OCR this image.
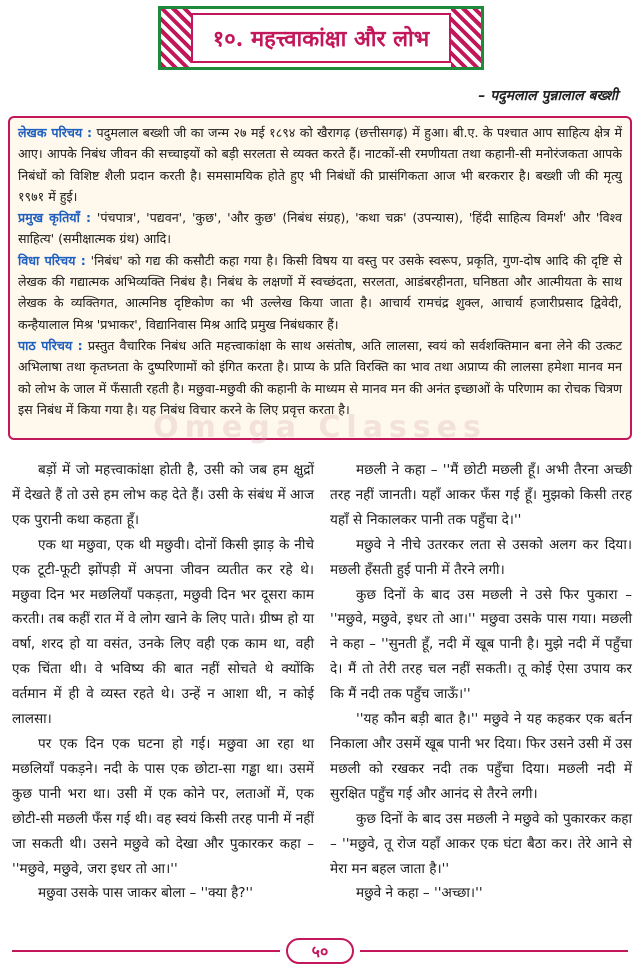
१०. महत्त्वाकांक्षा और लोभ
– पदुमलाल पुन्नालाल बख्शी

लेखक परिचय : पदुमलाल बख्शी जी का जन्म २७ मई १८९४ को खैरागढ़ (छत्तीसगढ़) में हुआ। बी.ए. के पश्चात आप साहित्य क्षेत्र में आए। आपके निबंध जीवन की सच्चाइयों को बड़ी सरलता से व्यक्त करते हैं। नाटकों-सी रमणीयता तथा कहानी-सी मनोरंजकता आपके निबंधों को विशिष्ट शैली प्रदान करती है। समसामयिक होते हुए भी निबंधों की प्रासंगिकता आज भी बरकरार है। बख्शी जी की मृत्यु १९७१ में हुई।

प्रमुख कृतियाँ : 'पंचपात्र', 'पद्यवन', 'कुछ', 'और कुछ' (निबंध संग्रह), 'कथा चक्र' (उपन्यास), 'हिंदी साहित्य विमर्श' और 'विश्व साहित्य' (समीक्षात्मक ग्रंथ) आदि।

विधा परिचय : 'निबंध' को गद्य की कसौटी कहा गया है। किसी विषय या वस्तु पर उसके स्वरूप, प्रकृति, गुण-दोष आदि की दृष्टि से लेखक की गद्यात्मक अभिव्यक्ति निबंध है। निबंध के लक्षणों में स्वच्छंदता, सरलता, आडंबरहीनता, घनिष्ठता और आत्मीयता के साथ लेखक के व्यक्तिगत, आत्मनिष्ठ दृष्टिकोण का भी उल्लेख किया जाता है। आचार्य रामचंद्र शुक्ल, आचार्य हजारीप्रसाद द्विवेदी, कन्हैयालाल मिश्र 'प्रभाकर', विद्यानिवास मिश्र आदि प्रमुख निबंधकार हैं।

पाठ परिचय : प्रस्तुत वैचारिक निबंध अति महत्त्वाकांक्षा के साथ असंतोष, अति लालसा, स्वयं को सर्वशक्तिमान बना लेने की उत्कट अभिलाषा तथा कृतघ्नता के दुष्परिणामों को इंगित करता है। प्राप्य के प्रति विरक्ति का भाव तथा अप्राप्य की लालसा हमेशा मानव मन को लोभ के जाल में फँसाती रहती है। मछुवा-मछुवी की कहानी के माध्यम से मानव मन की अनंत इच्छाओं के परिणाम का रोचक चित्रण इस निबंध में किया गया है। यह निबंध विचार करने के लिए प्रवृत्त करता है।

Omega Classes

बड़ों में जो महत्त्वाकांक्षा होती है, उसी को जब हम क्षुद्रों में देखते हैं तो उसे हम लोभ कह देते हैं। उसी के संबंध में आज एक पुरानी कथा कहता हूँ।

एक था मछुवा, एक थी मछुवी। दोनों किसी झाड़ के नीचे एक टूटी-फूटी झोंपड़ी में अपना जीवन व्यतीत कर रहे थे। मछुवा दिन भर मछलियाँ पकड़ता, मछुवी दिन भर दूसरा काम करती। तब कहीं रात में वे लोग खाने के लिए पाते। ग्रीष्म हो या वर्षा, शरद हो या वसंत, उनके लिए वही एक काम था, वही एक चिंता थी। वे भविष्य की बात नहीं सोचते थे क्योंकि वर्तमान में ही वे व्यस्त रहते थे। उन्हें न आशा थी, न कोई लालसा।

पर एक दिन एक घटना हो गई। मछुवा आ रहा था मछलियाँ पकड़ने। नदी के पास एक छोटा-सा गड्ढा था। उसमें कुछ पानी भरा था। उसी में एक कोने पर, लताओं में, एक छोटी-सी मछली फँस गई थी। वह स्वयं किसी तरह पानी में नहीं जा सकती थी। उसने मछुवे को देखा और पुकारकर कहा – ''मछुवे, मछुवे, जरा इधर तो आ।''

मछुवा उसके पास जाकर बोला – ''क्या है?''

मछली ने कहा – ''मैं छोटी मछली हूँ। अभी तैरना अच्छी तरह नहीं जानती। यहाँ आकर फँस गई हूँ। मुझको किसी तरह यहाँ से निकालकर पानी तक पहुँचा दे।''

मछुवे ने नीचे उतरकर लता से उसको अलग कर दिया। मछली हँसती हुई पानी में तैरने लगी।

कुछ दिनों के बाद उस मछली ने उसे फिर पुकारा – ''मछुवे, मछुवे, इधर तो आ।'' मछुवा उसके पास गया। मछली ने कहा – ''सुनती हूँ, नदी में खूब पानी है। मुझे नदी में पहुँचा दे। मैं तो तेरी तरह चल नहीं सकती। तू कोई ऐसा उपाय कर कि मैं नदी तक पहुँच जाऊँ।''

''यह कौन बड़ी बात है।'' मछुवे ने यह कहकर एक बर्तन निकाला और उसमें खूब पानी भर दिया। फिर उसने उसी में उस मछली को रखकर नदी तक पहुँचा दिया। मछली नदी में सुरक्षित पहुँच गई और आनंद से तैरने लगी।

कुछ दिनों के बाद उस मछली ने मछुवे को पुकारकर कहा – ''मछुवे, तू रोज यहाँ आकर एक घंटा बैठा कर। तेरे आने से मेरा मन बहल जाता है।''

मछुवे ने कहा – ''अच्छा।''

५०
